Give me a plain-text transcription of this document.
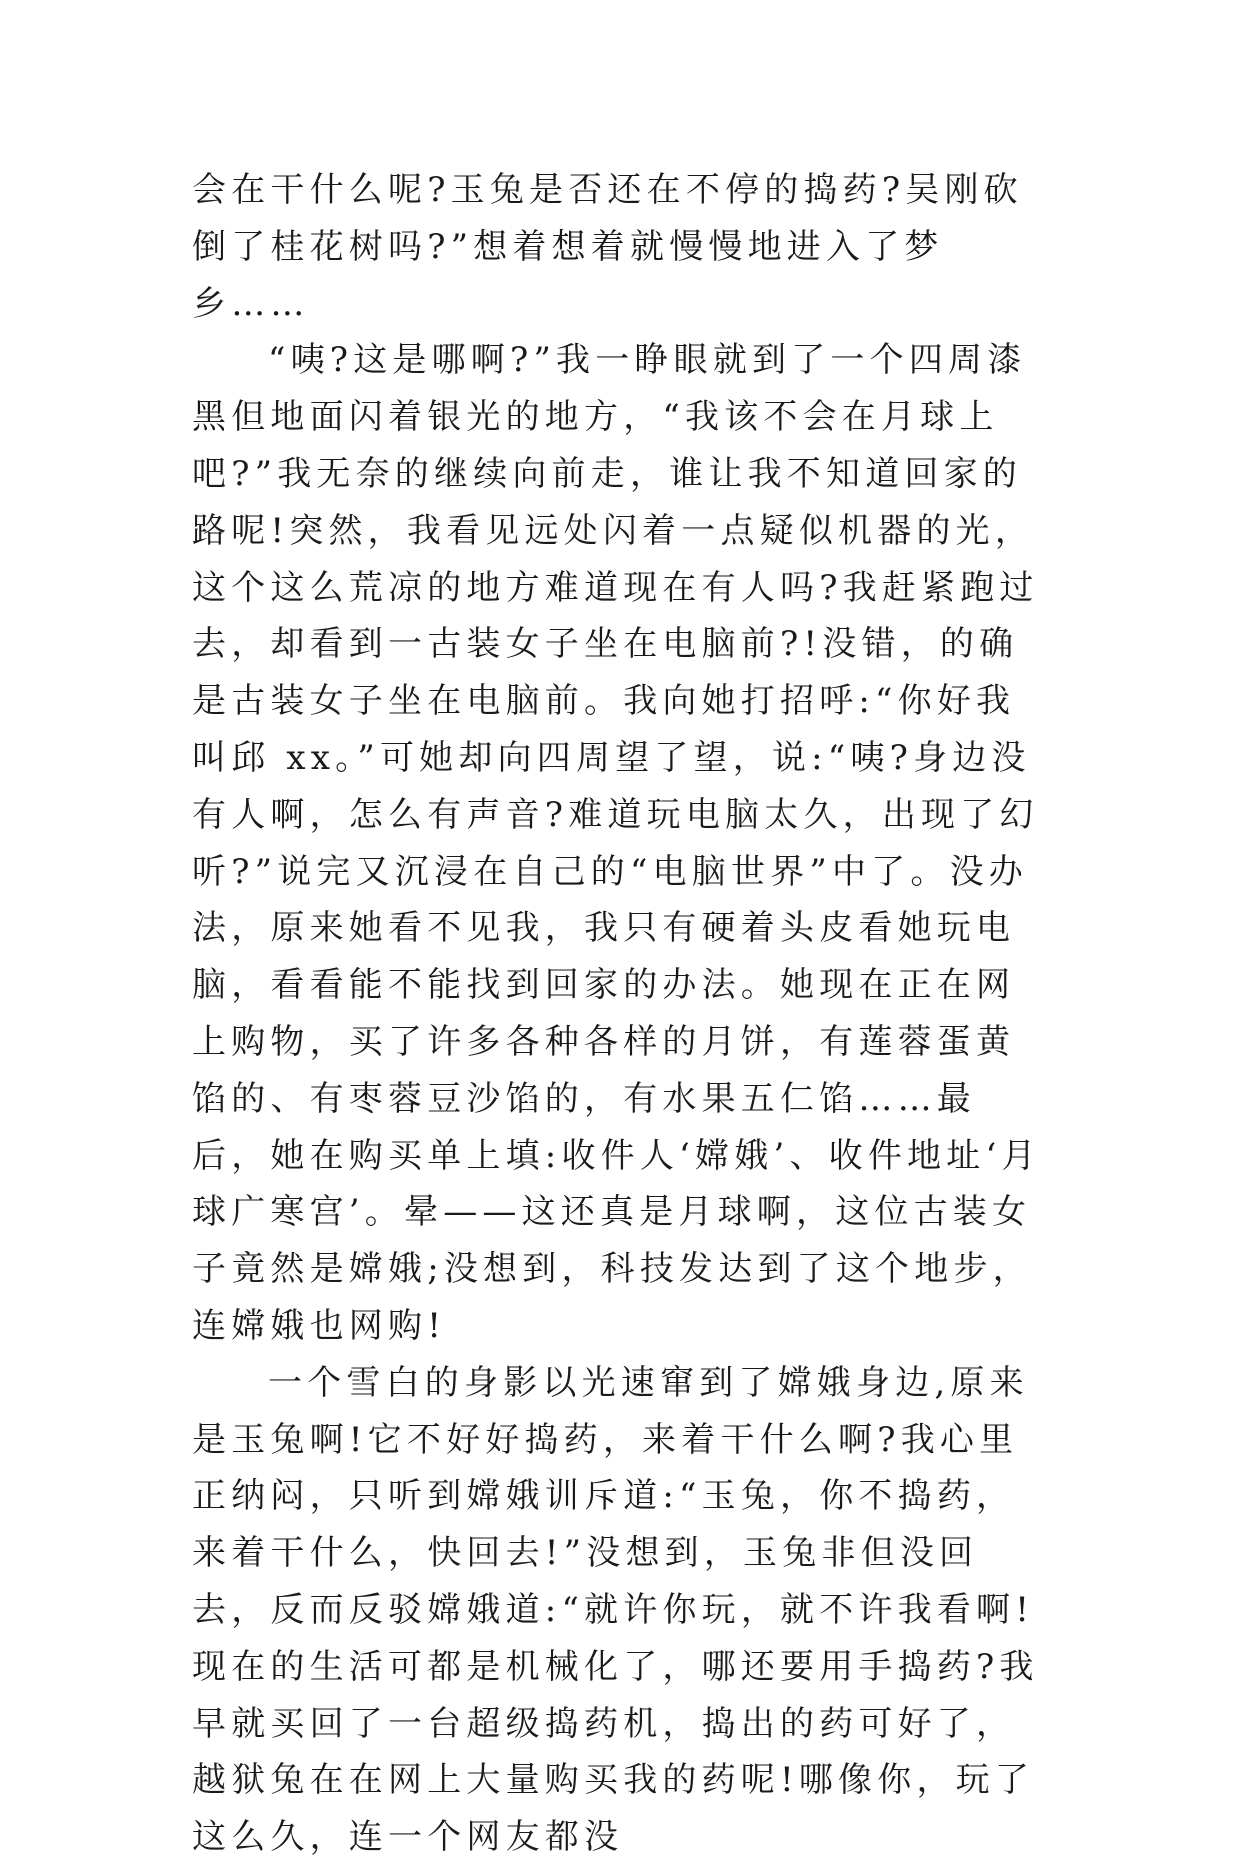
会在干什么呢?玉兔是否还在不停的捣药?吴刚砍倒了桂花树吗?”想着想着就慢慢地进入了梦乡……

“咦?这是哪啊?”我一睁眼就到了一个四周漆黑但地面闪着银光的地方，“我该不会在月球上吧?”我无奈的继续向前走，谁让我不知道回家的路呢!突然，我看见远处闪着一点疑似机器的光，这个这么荒凉的地方难道现在有人吗?我赶紧跑过去，却看到一古装女子坐在电脑前?!没错，的确是古装女子坐在电脑前。我向她打招呼:“你好我叫邱 xx。”可她却向四周望了望，说:“咦?身边没有人啊，怎么有声音?难道玩电脑太久，出现了幻听?”说完又沉浸在自己的“电脑世界”中了。没办法，原来她看不见我，我只有硬着头皮看她玩电脑，看看能不能找到回家的办法。她现在正在网上购物，买了许多各种各样的月饼，有莲蓉蛋黄馅的、有枣蓉豆沙馅的，有水果五仁馅……最后，她在购买单上填:收件人‘嫦娥’、收件地址‘月球广寒宫’。晕——这还真是月球啊，这位古装女子竟然是嫦娥;没想到，科技发达到了这个地步，连嫦娥也网购!

一个雪白的身影以光速窜到了嫦娥身边,原来是玉兔啊!它不好好捣药，来着干什么啊?我心里正纳闷，只听到嫦娥训斥道:“玉兔，你不捣药，来着干什么，快回去!”没想到，玉兔非但没回去，反而反驳嫦娥道:“就许你玩，就不许我看啊!现在的生活可都是机械化了，哪还要用手捣药?我早就买回了一台超级捣药机，捣出的药可好了，越狱兔在在网上大量购买我的药呢!哪像你，玩了这么久，连一个网友都没
